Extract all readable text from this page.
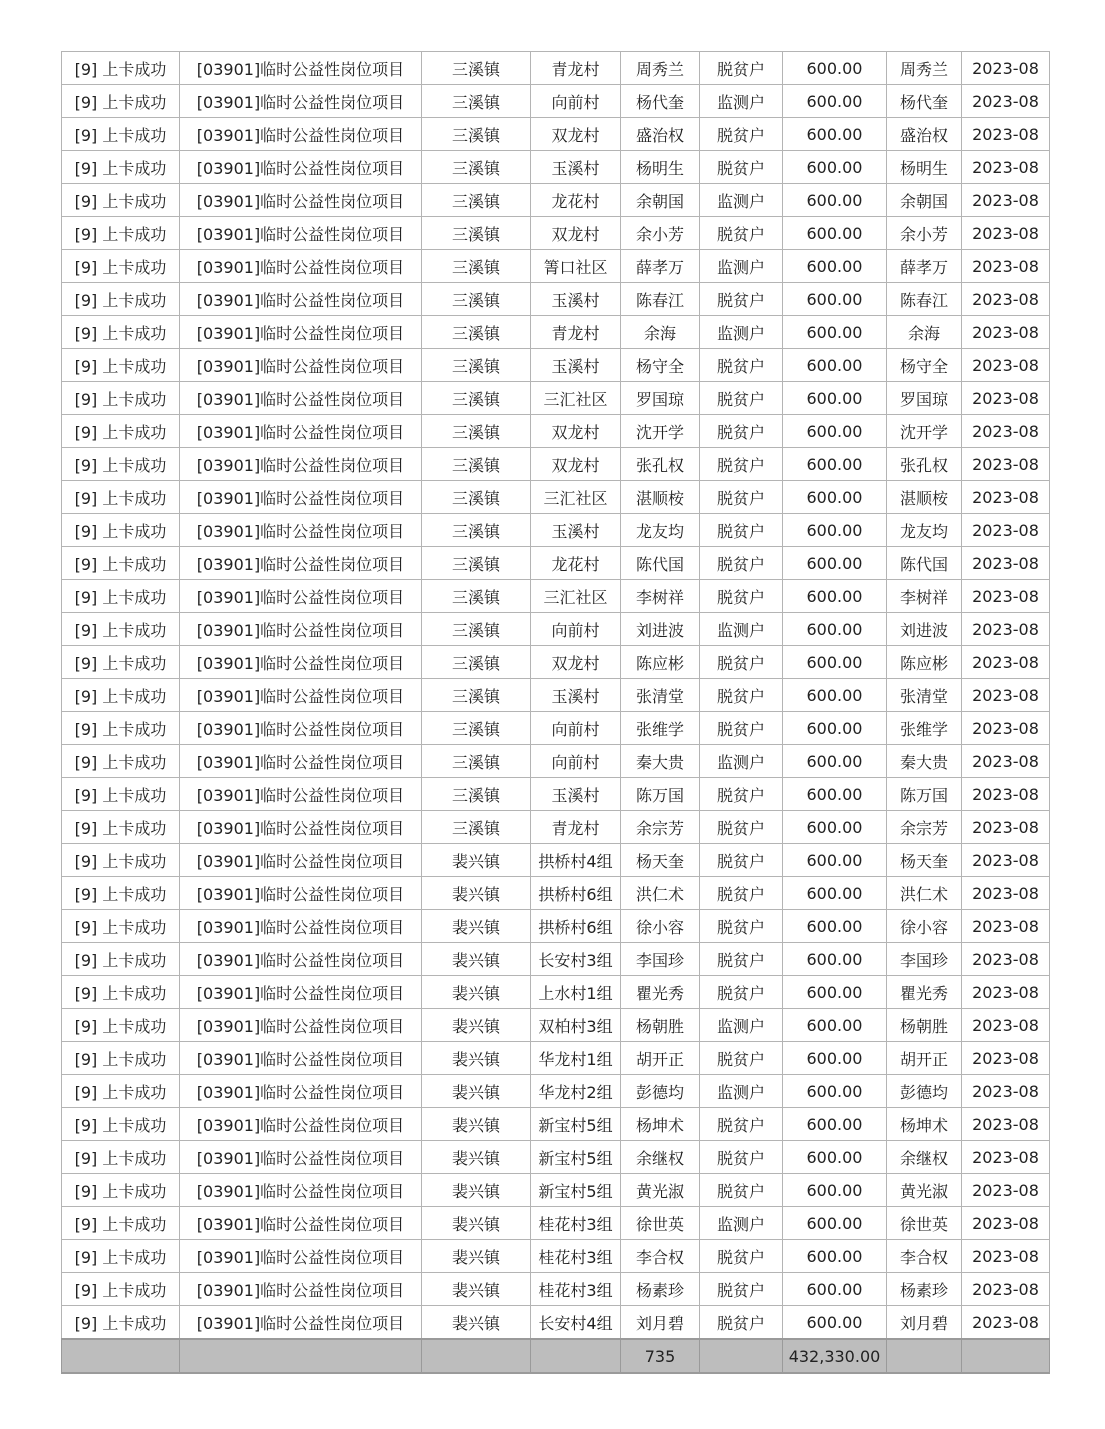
[9] 上卡成功	[03901]临时公益性岗位项目	三溪镇	青龙村	周秀兰	脱贫户	600.00	周秀兰	2023-08
[9] 上卡成功	[03901]临时公益性岗位项目	三溪镇	向前村	杨代奎	监测户	600.00	杨代奎	2023-08
[9] 上卡成功	[03901]临时公益性岗位项目	三溪镇	双龙村	盛治权	脱贫户	600.00	盛治权	2023-08
[9] 上卡成功	[03901]临时公益性岗位项目	三溪镇	玉溪村	杨明生	脱贫户	600.00	杨明生	2023-08
[9] 上卡成功	[03901]临时公益性岗位项目	三溪镇	龙花村	余朝国	监测户	600.00	余朝国	2023-08
[9] 上卡成功	[03901]临时公益性岗位项目	三溪镇	双龙村	余小芳	脱贫户	600.00	余小芳	2023-08
[9] 上卡成功	[03901]临时公益性岗位项目	三溪镇	箐口社区	薛孝万	监测户	600.00	薛孝万	2023-08
[9] 上卡成功	[03901]临时公益性岗位项目	三溪镇	玉溪村	陈春江	脱贫户	600.00	陈春江	2023-08
[9] 上卡成功	[03901]临时公益性岗位项目	三溪镇	青龙村	余海	监测户	600.00	余海	2023-08
[9] 上卡成功	[03901]临时公益性岗位项目	三溪镇	玉溪村	杨守全	脱贫户	600.00	杨守全	2023-08
[9] 上卡成功	[03901]临时公益性岗位项目	三溪镇	三汇社区	罗国琼	脱贫户	600.00	罗国琼	2023-08
[9] 上卡成功	[03901]临时公益性岗位项目	三溪镇	双龙村	沈开学	脱贫户	600.00	沈开学	2023-08
[9] 上卡成功	[03901]临时公益性岗位项目	三溪镇	双龙村	张孔权	脱贫户	600.00	张孔权	2023-08
[9] 上卡成功	[03901]临时公益性岗位项目	三溪镇	三汇社区	湛顺桉	脱贫户	600.00	湛顺桉	2023-08
[9] 上卡成功	[03901]临时公益性岗位项目	三溪镇	玉溪村	龙友均	脱贫户	600.00	龙友均	2023-08
[9] 上卡成功	[03901]临时公益性岗位项目	三溪镇	龙花村	陈代国	脱贫户	600.00	陈代国	2023-08
[9] 上卡成功	[03901]临时公益性岗位项目	三溪镇	三汇社区	李树祥	脱贫户	600.00	李树祥	2023-08
[9] 上卡成功	[03901]临时公益性岗位项目	三溪镇	向前村	刘进波	监测户	600.00	刘进波	2023-08
[9] 上卡成功	[03901]临时公益性岗位项目	三溪镇	双龙村	陈应彬	脱贫户	600.00	陈应彬	2023-08
[9] 上卡成功	[03901]临时公益性岗位项目	三溪镇	玉溪村	张清堂	脱贫户	600.00	张清堂	2023-08
[9] 上卡成功	[03901]临时公益性岗位项目	三溪镇	向前村	张维学	脱贫户	600.00	张维学	2023-08
[9] 上卡成功	[03901]临时公益性岗位项目	三溪镇	向前村	秦大贵	监测户	600.00	秦大贵	2023-08
[9] 上卡成功	[03901]临时公益性岗位项目	三溪镇	玉溪村	陈万国	脱贫户	600.00	陈万国	2023-08
[9] 上卡成功	[03901]临时公益性岗位项目	三溪镇	青龙村	余宗芳	脱贫户	600.00	余宗芳	2023-08
[9] 上卡成功	[03901]临时公益性岗位项目	裴兴镇	拱桥村4组	杨天奎	脱贫户	600.00	杨天奎	2023-08
[9] 上卡成功	[03901]临时公益性岗位项目	裴兴镇	拱桥村6组	洪仁术	脱贫户	600.00	洪仁术	2023-08
[9] 上卡成功	[03901]临时公益性岗位项目	裴兴镇	拱桥村6组	徐小容	脱贫户	600.00	徐小容	2023-08
[9] 上卡成功	[03901]临时公益性岗位项目	裴兴镇	长安村3组	李国珍	脱贫户	600.00	李国珍	2023-08
[9] 上卡成功	[03901]临时公益性岗位项目	裴兴镇	上水村1组	瞿光秀	脱贫户	600.00	瞿光秀	2023-08
[9] 上卡成功	[03901]临时公益性岗位项目	裴兴镇	双柏村3组	杨朝胜	监测户	600.00	杨朝胜	2023-08
[9] 上卡成功	[03901]临时公益性岗位项目	裴兴镇	华龙村1组	胡开正	脱贫户	600.00	胡开正	2023-08
[9] 上卡成功	[03901]临时公益性岗位项目	裴兴镇	华龙村2组	彭德均	监测户	600.00	彭德均	2023-08
[9] 上卡成功	[03901]临时公益性岗位项目	裴兴镇	新宝村5组	杨坤术	脱贫户	600.00	杨坤术	2023-08
[9] 上卡成功	[03901]临时公益性岗位项目	裴兴镇	新宝村5组	余继权	脱贫户	600.00	余继权	2023-08
[9] 上卡成功	[03901]临时公益性岗位项目	裴兴镇	新宝村5组	黄光淑	脱贫户	600.00	黄光淑	2023-08
[9] 上卡成功	[03901]临时公益性岗位项目	裴兴镇	桂花村3组	徐世英	监测户	600.00	徐世英	2023-08
[9] 上卡成功	[03901]临时公益性岗位项目	裴兴镇	桂花村3组	李合权	脱贫户	600.00	李合权	2023-08
[9] 上卡成功	[03901]临时公益性岗位项目	裴兴镇	桂花村3组	杨素珍	脱贫户	600.00	杨素珍	2023-08
[9] 上卡成功	[03901]临时公益性岗位项目	裴兴镇	长安村4组	刘月碧	脱贫户	600.00	刘月碧	2023-08
				735		432,330.00		
